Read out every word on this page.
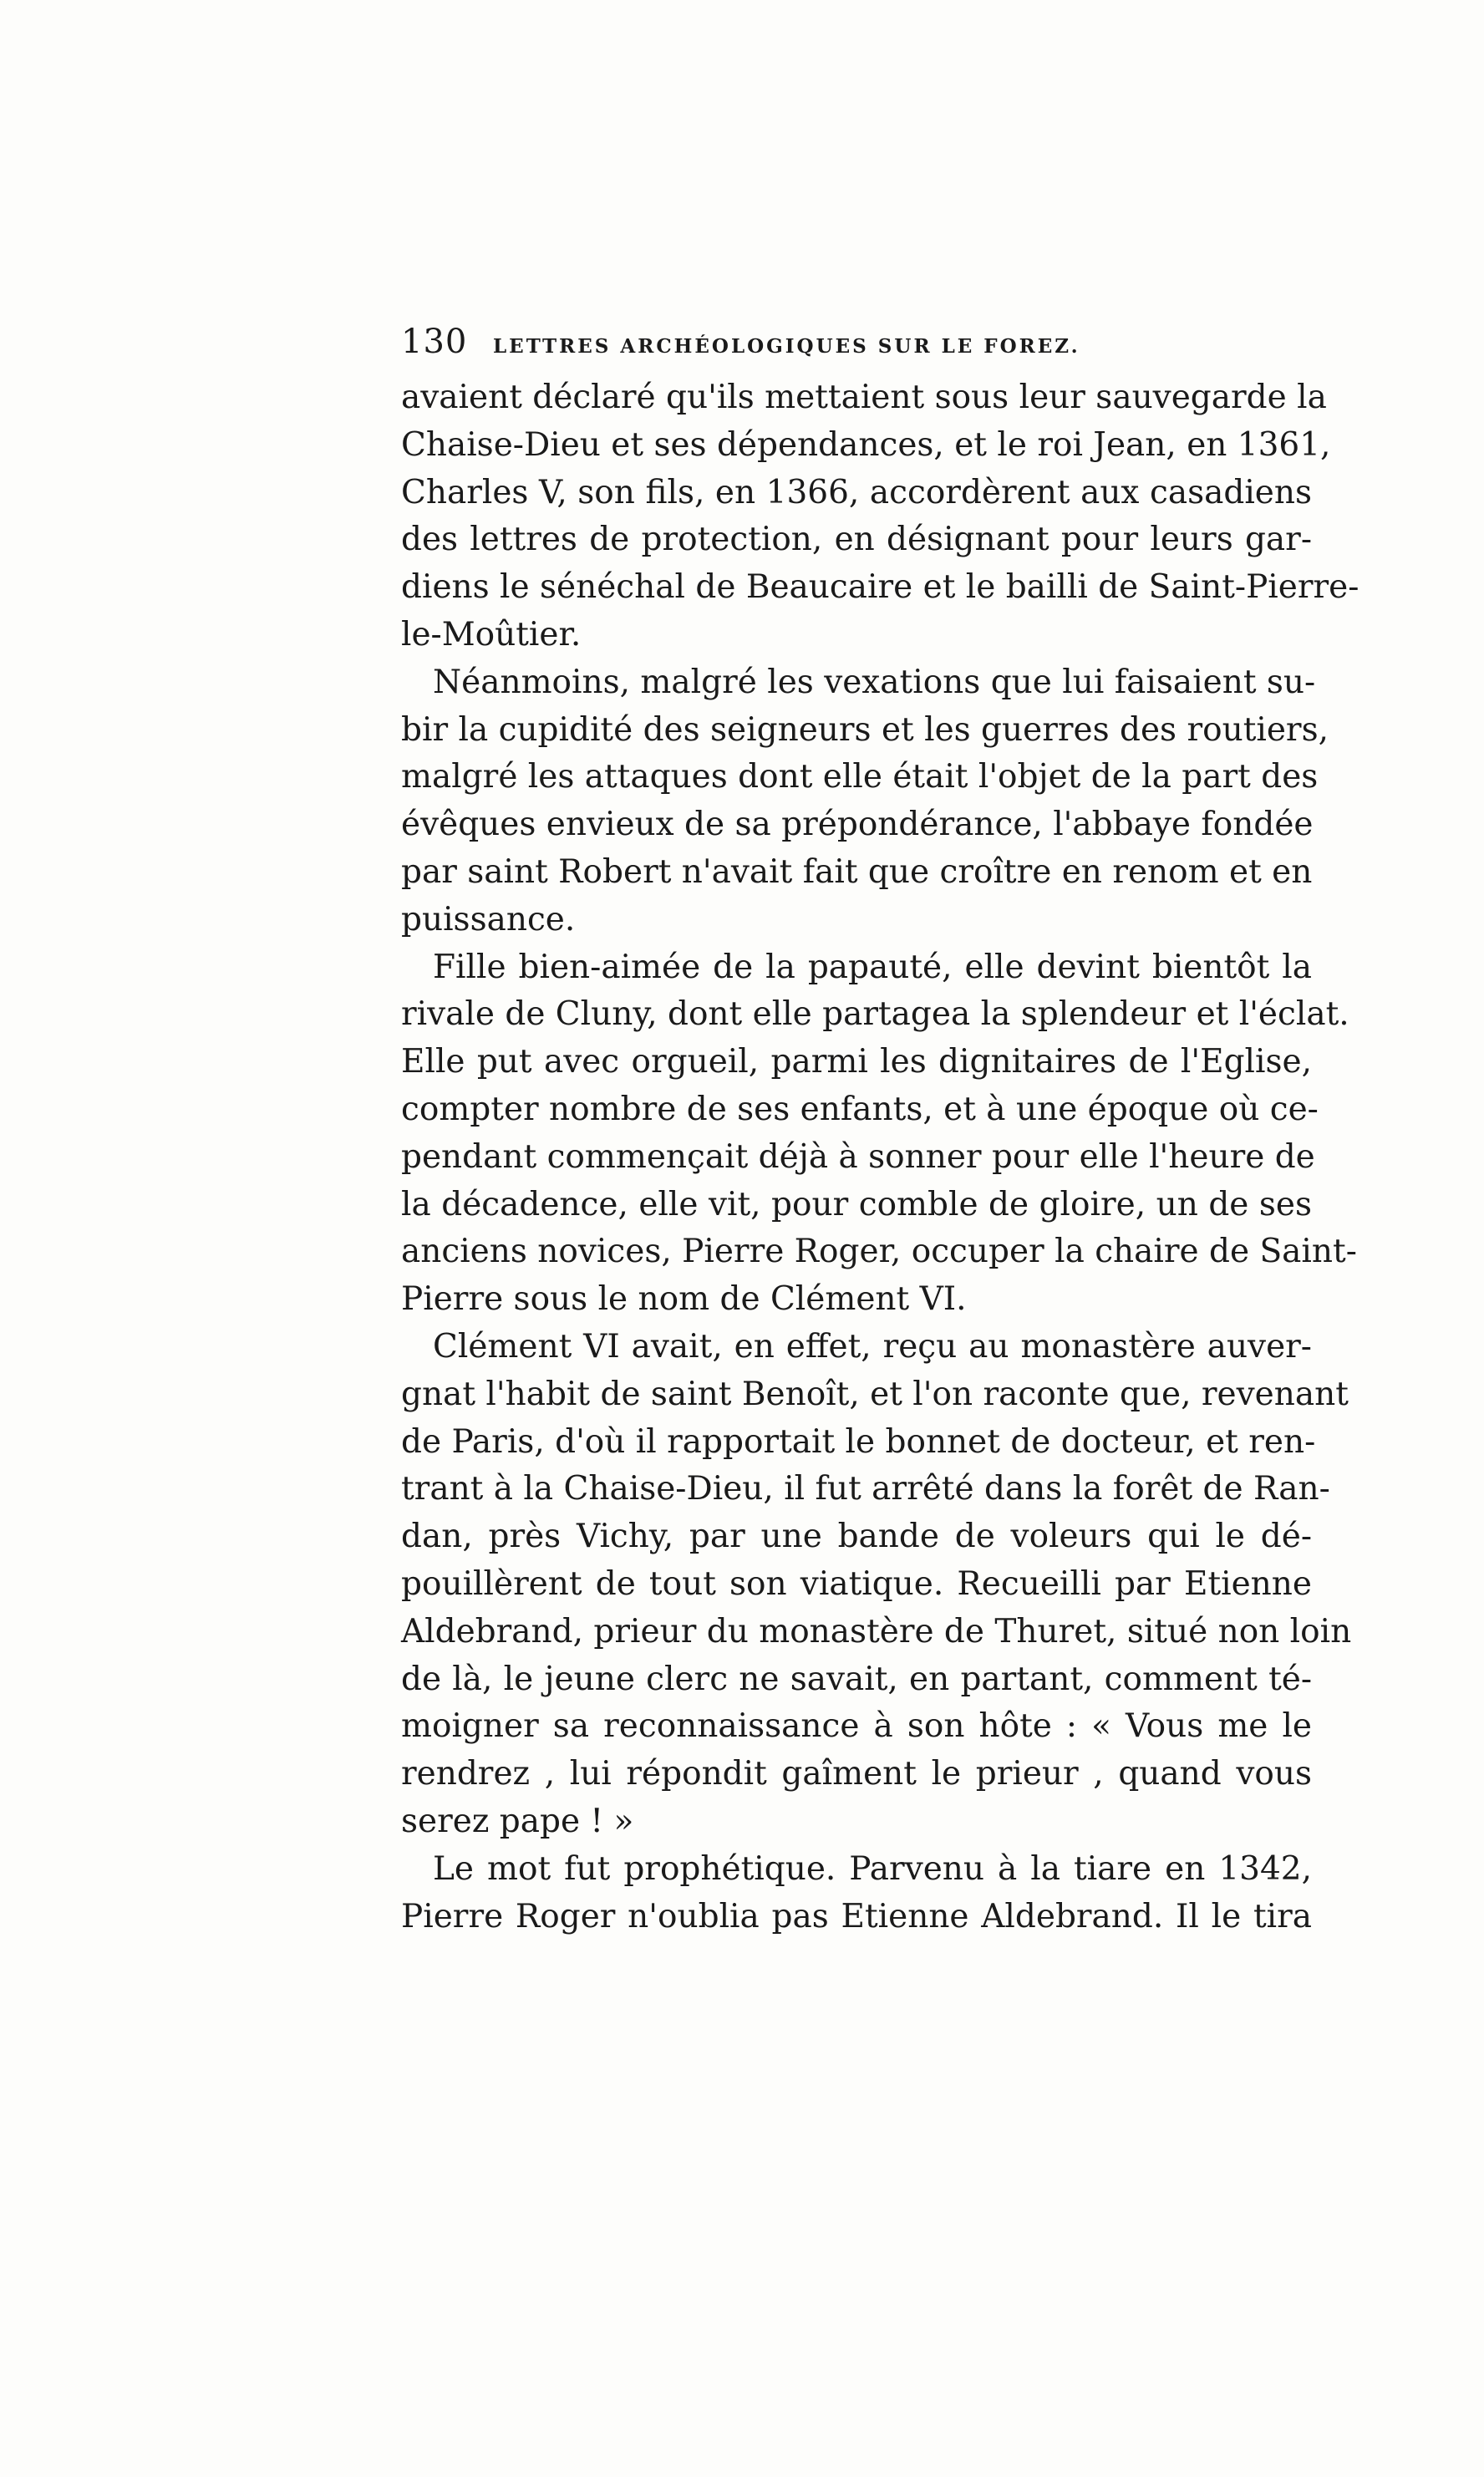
130	LETTRES ARCHÉOLOGIQUES SUR LE FOREZ.
avaient déclaré qu'ils mettaient sous leur sauvegarde la
Chaise-Dieu et ses dépendances, et le roi Jean, en 1361,
Charles V, son fils, en 1366, accordèrent aux casadiens
des lettres de protection, en désignant pour leurs gar-
diens le sénéchal de Beaucaire et le bailli de Saint-Pierre-
le-Moûtier.
Néanmoins, malgré les vexations que lui faisaient su-
bir la cupidité des seigneurs et les guerres des routiers,
malgré les attaques dont elle était l'objet de la part des
évêques envieux de sa prépondérance, l'abbaye fondée
par saint Robert n'avait fait que croître en renom et en
puissance.
Fille bien-aimée de la papauté, elle devint bientôt la
rivale de Cluny, dont elle partagea la splendeur et l'éclat.
Elle put avec orgueil, parmi les dignitaires de l'Eglise,
compter nombre de ses enfants, et à une époque où ce-
pendant commençait déjà à sonner pour elle l'heure de
la décadence, elle vit, pour comble de gloire, un de ses
anciens novices, Pierre Roger, occuper la chaire de Saint-
Pierre sous le nom de Clément VI.
Clément VI avait, en effet, reçu au monastère auver-
gnat l'habit de saint Benoît, et l'on raconte que, revenant
de Paris, d'où il rapportait le bonnet de docteur, et ren-
trant à la Chaise-Dieu, il fut arrêté dans la forêt de Ran-
dan, près Vichy, par une bande de voleurs qui le dé-
pouillèrent de tout son viatique. Recueilli par Etienne
Aldebrand, prieur du monastère de Thuret, situé non loin
de là, le jeune clerc ne savait, en partant, comment té-
moigner sa reconnaissance à son hôte : « Vous me le
rendrez , lui répondit gaîment le prieur , quand vous
serez pape ! »
Le mot fut prophétique. Parvenu à la tiare en 1342,
Pierre Roger n'oublia pas Etienne Aldebrand. Il le tira
